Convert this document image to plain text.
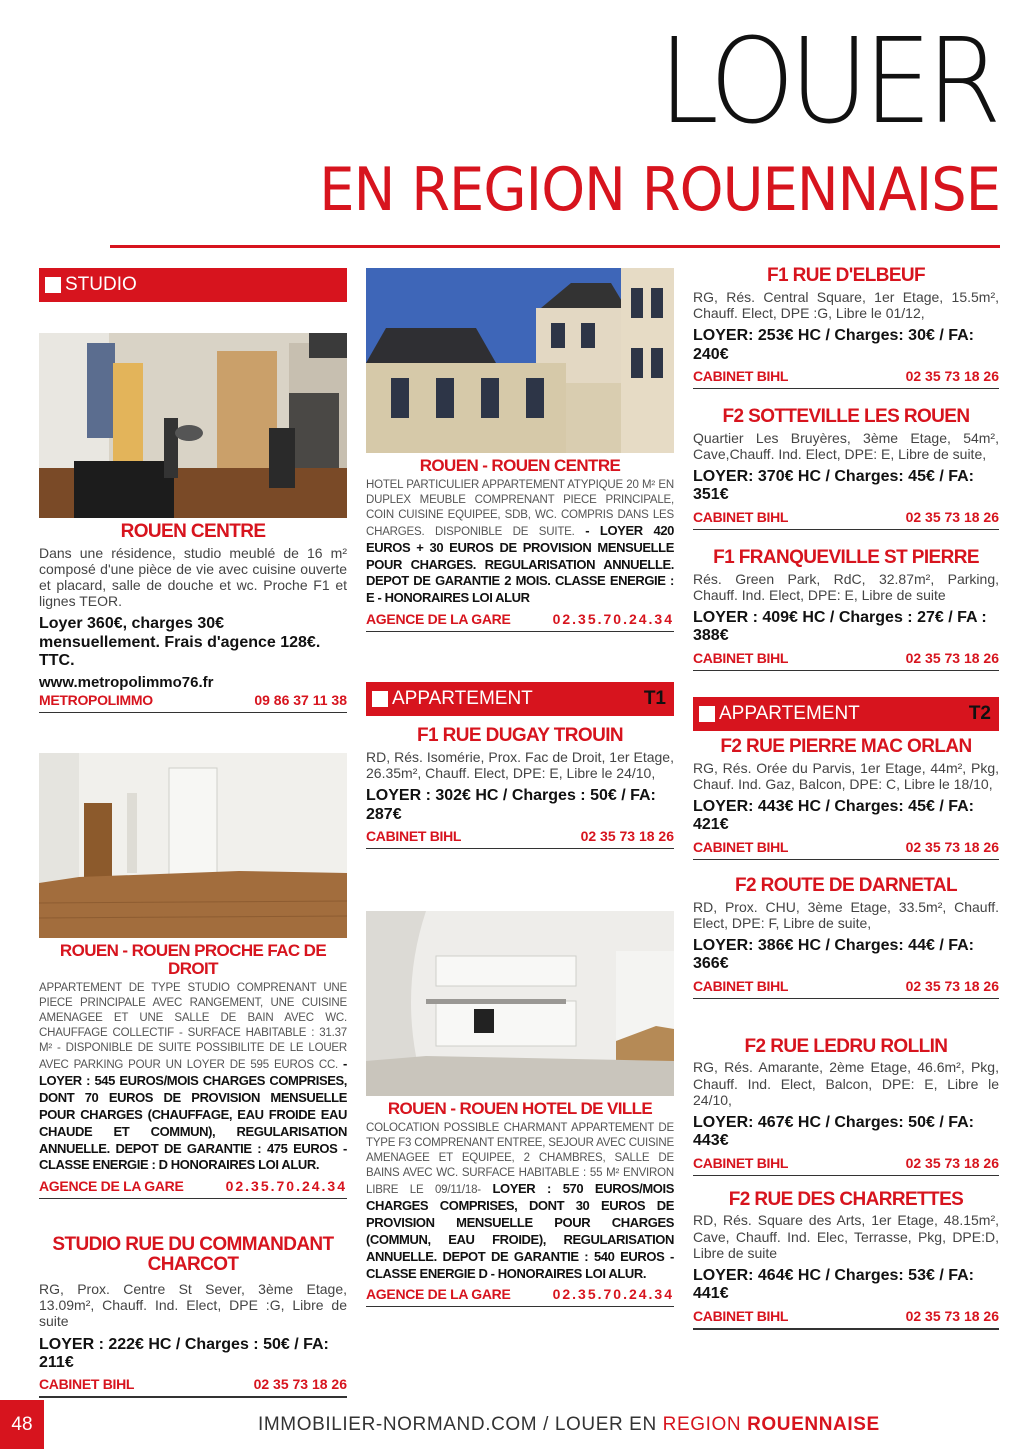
LOUER
EN REGION ROUENNAISE
STUDIO
ROUEN CENTRE
Dans une résidence, studio meublé de 16 m² composé d'une pièce de vie avec cuisine ouverte et placard, salle de douche et wc. Proche F1 et lignes TEOR.
Loyer 360€, charges 30€ mensuellement. Frais d'agence 128€. TTC.
www.metropolimmo76.fr
METROPOLIMMO	09 86 37 11 38
ROUEN - ROUEN PROCHE FAC DE DROIT
APPARTEMENT DE TYPE STUDIO COMPRENANT UNE PIECE PRINCIPALE AVEC RANGEMENT, UNE CUISINE AMENAGEE ET UNE SALLE DE BAIN AVEC WC. CHAUFFAGE COLLECTIF - SURFACE HABITABLE : 31.37 M² - DISPONIBLE DE SUITE POSSIBILITE DE LE LOUER AVEC PARKING POUR UN LOYER DE 595 EUROS CC. - LOYER : 545 EUROS/MOIS CHARGES COMPRISES, DONT 70 EUROS DE PROVISION MENSUELLE POUR CHARGES (CHAUFFAGE, EAU FROIDE EAU CHAUDE ET COMMUN), REGULARISATION ANNUELLE. DEPOT DE GARANTIE : 475 EUROS - CLASSE ENERGIE : D HONORAIRES LOI ALUR.
AGENCE DE LA GARE	02.35.70.24.34
STUDIO RUE DU COMMANDANT CHARCOT
RG, Prox. Centre St Sever, 3ème Etage, 13.09m², Chauff. Ind. Elect, DPE :G, Libre de suite
LOYER : 222€ HC / Charges : 50€ / FA: 211€
CABINET BIHL	02 35 73 18 26
ROUEN - ROUEN CENTRE
HOTEL PARTICULIER APPARTEMENT ATYPIQUE 20 M² EN DUPLEX MEUBLE COMPRENANT PIECE PRINCIPALE, COIN CUISINE EQUIPEE, SDB, WC. COMPRIS DANS LES CHARGES. DISPONIBLE DE SUITE. - LOYER 420 EUROS + 30 EUROS DE PROVISION MENSUELLE POUR CHARGES. REGULARISATION ANNUELLE. DEPOT DE GARANTIE 2 MOIS. CLASSE ENERGIE : E - HONORAIRES LOI ALUR
AGENCE DE LA GARE	02.35.70.24.34
APPARTEMENT	T1
F1 RUE DUGAY TROUIN
RD, Rés. Isomérie, Prox. Fac de Droit, 1er Etage, 26.35m², Chauff. Elect, DPE: E, Libre le 24/10,
LOYER : 302€ HC / Charges : 50€ / FA: 287€
CABINET BIHL	02 35 73 18 26
ROUEN - ROUEN HOTEL DE VILLE
COLOCATION POSSIBLE CHARMANT APPARTEMENT DE TYPE F3 COMPRENANT ENTREE, SEJOUR AVEC CUISINE AMENAGEE ET EQUIPEE, 2 CHAMBRES, SALLE DE BAINS AVEC WC. SURFACE HABITABLE : 55 M² ENVIRON LIBRE LE 09/11/18- LOYER : 570 EUROS/MOIS CHARGES COMPRISES, DONT 30 EUROS DE PROVISION MENSUELLE POUR CHARGES (COMMUN, EAU FROIDE), REGULARISATION ANNUELLE. DEPOT DE GARANTIE : 540 EUROS - CLASSE ENERGIE D - HONORAIRES LOI ALUR.
AGENCE DE LA GARE	02.35.70.24.34
F1 RUE D'ELBEUF
RG, Rés. Central Square, 1er Etage, 15.5m², Chauff. Elect, DPE :G, Libre le 01/12,
LOYER: 253€ HC / Charges: 30€ / FA: 240€
CABINET BIHL	02 35 73 18 26
F2 SOTTEVILLE LES ROUEN
Quartier Les Bruyères, 3ème Etage, 54m², Cave,Chauff. Ind. Elect, DPE: E, Libre de suite,
LOYER: 370€ HC / Charges: 45€ / FA: 351€
CABINET BIHL	02 35 73 18 26
F1 FRANQUEVILLE ST PIERRE
Rés. Green Park, RdC, 32.87m², Parking, Chauff. Ind. Elect, DPE: E, Libre de suite
LOYER : 409€ HC / Charges : 27€ / FA : 388€
CABINET BIHL	02 35 73 18 26
APPARTEMENT	T2
F2 RUE PIERRE MAC ORLAN
RG, Rés. Orée du Parvis, 1er Etage, 44m², Pkg, Chauf. Ind. Gaz, Balcon, DPE: C, Libre le 18/10,
LOYER: 443€ HC / Charges: 45€ / FA: 421€
CABINET BIHL	02 35 73 18 26
F2 ROUTE DE DARNETAL
RD, Prox. CHU, 3ème Etage, 33.5m², Chauff. Elect, DPE: F, Libre de suite,
LOYER: 386€ HC / Charges: 44€ / FA: 366€
CABINET BIHL	02 35 73 18 26
F2 RUE LEDRU ROLLIN
RG, Rés. Amarante, 2ème Etage, 46.6m², Pkg, Chauff. Ind. Elect, Balcon, DPE: E, Libre le 24/10,
LOYER: 467€ HC / Charges: 50€ / FA: 443€
CABINET BIHL	02 35 73 18 26
F2 RUE DES CHARRETTES
RD, Rés. Square des Arts, 1er Etage, 48.15m², Cave, Chauff. Ind. Elec, Terrasse, Pkg, DPE:D, Libre de suite
LOYER: 464€ HC / Charges: 53€ / FA: 441€
CABINET BIHL	02 35 73 18 26
48	IMMOBILIER-NORMAND.COM / LOUER EN REGION ROUENNAISE
